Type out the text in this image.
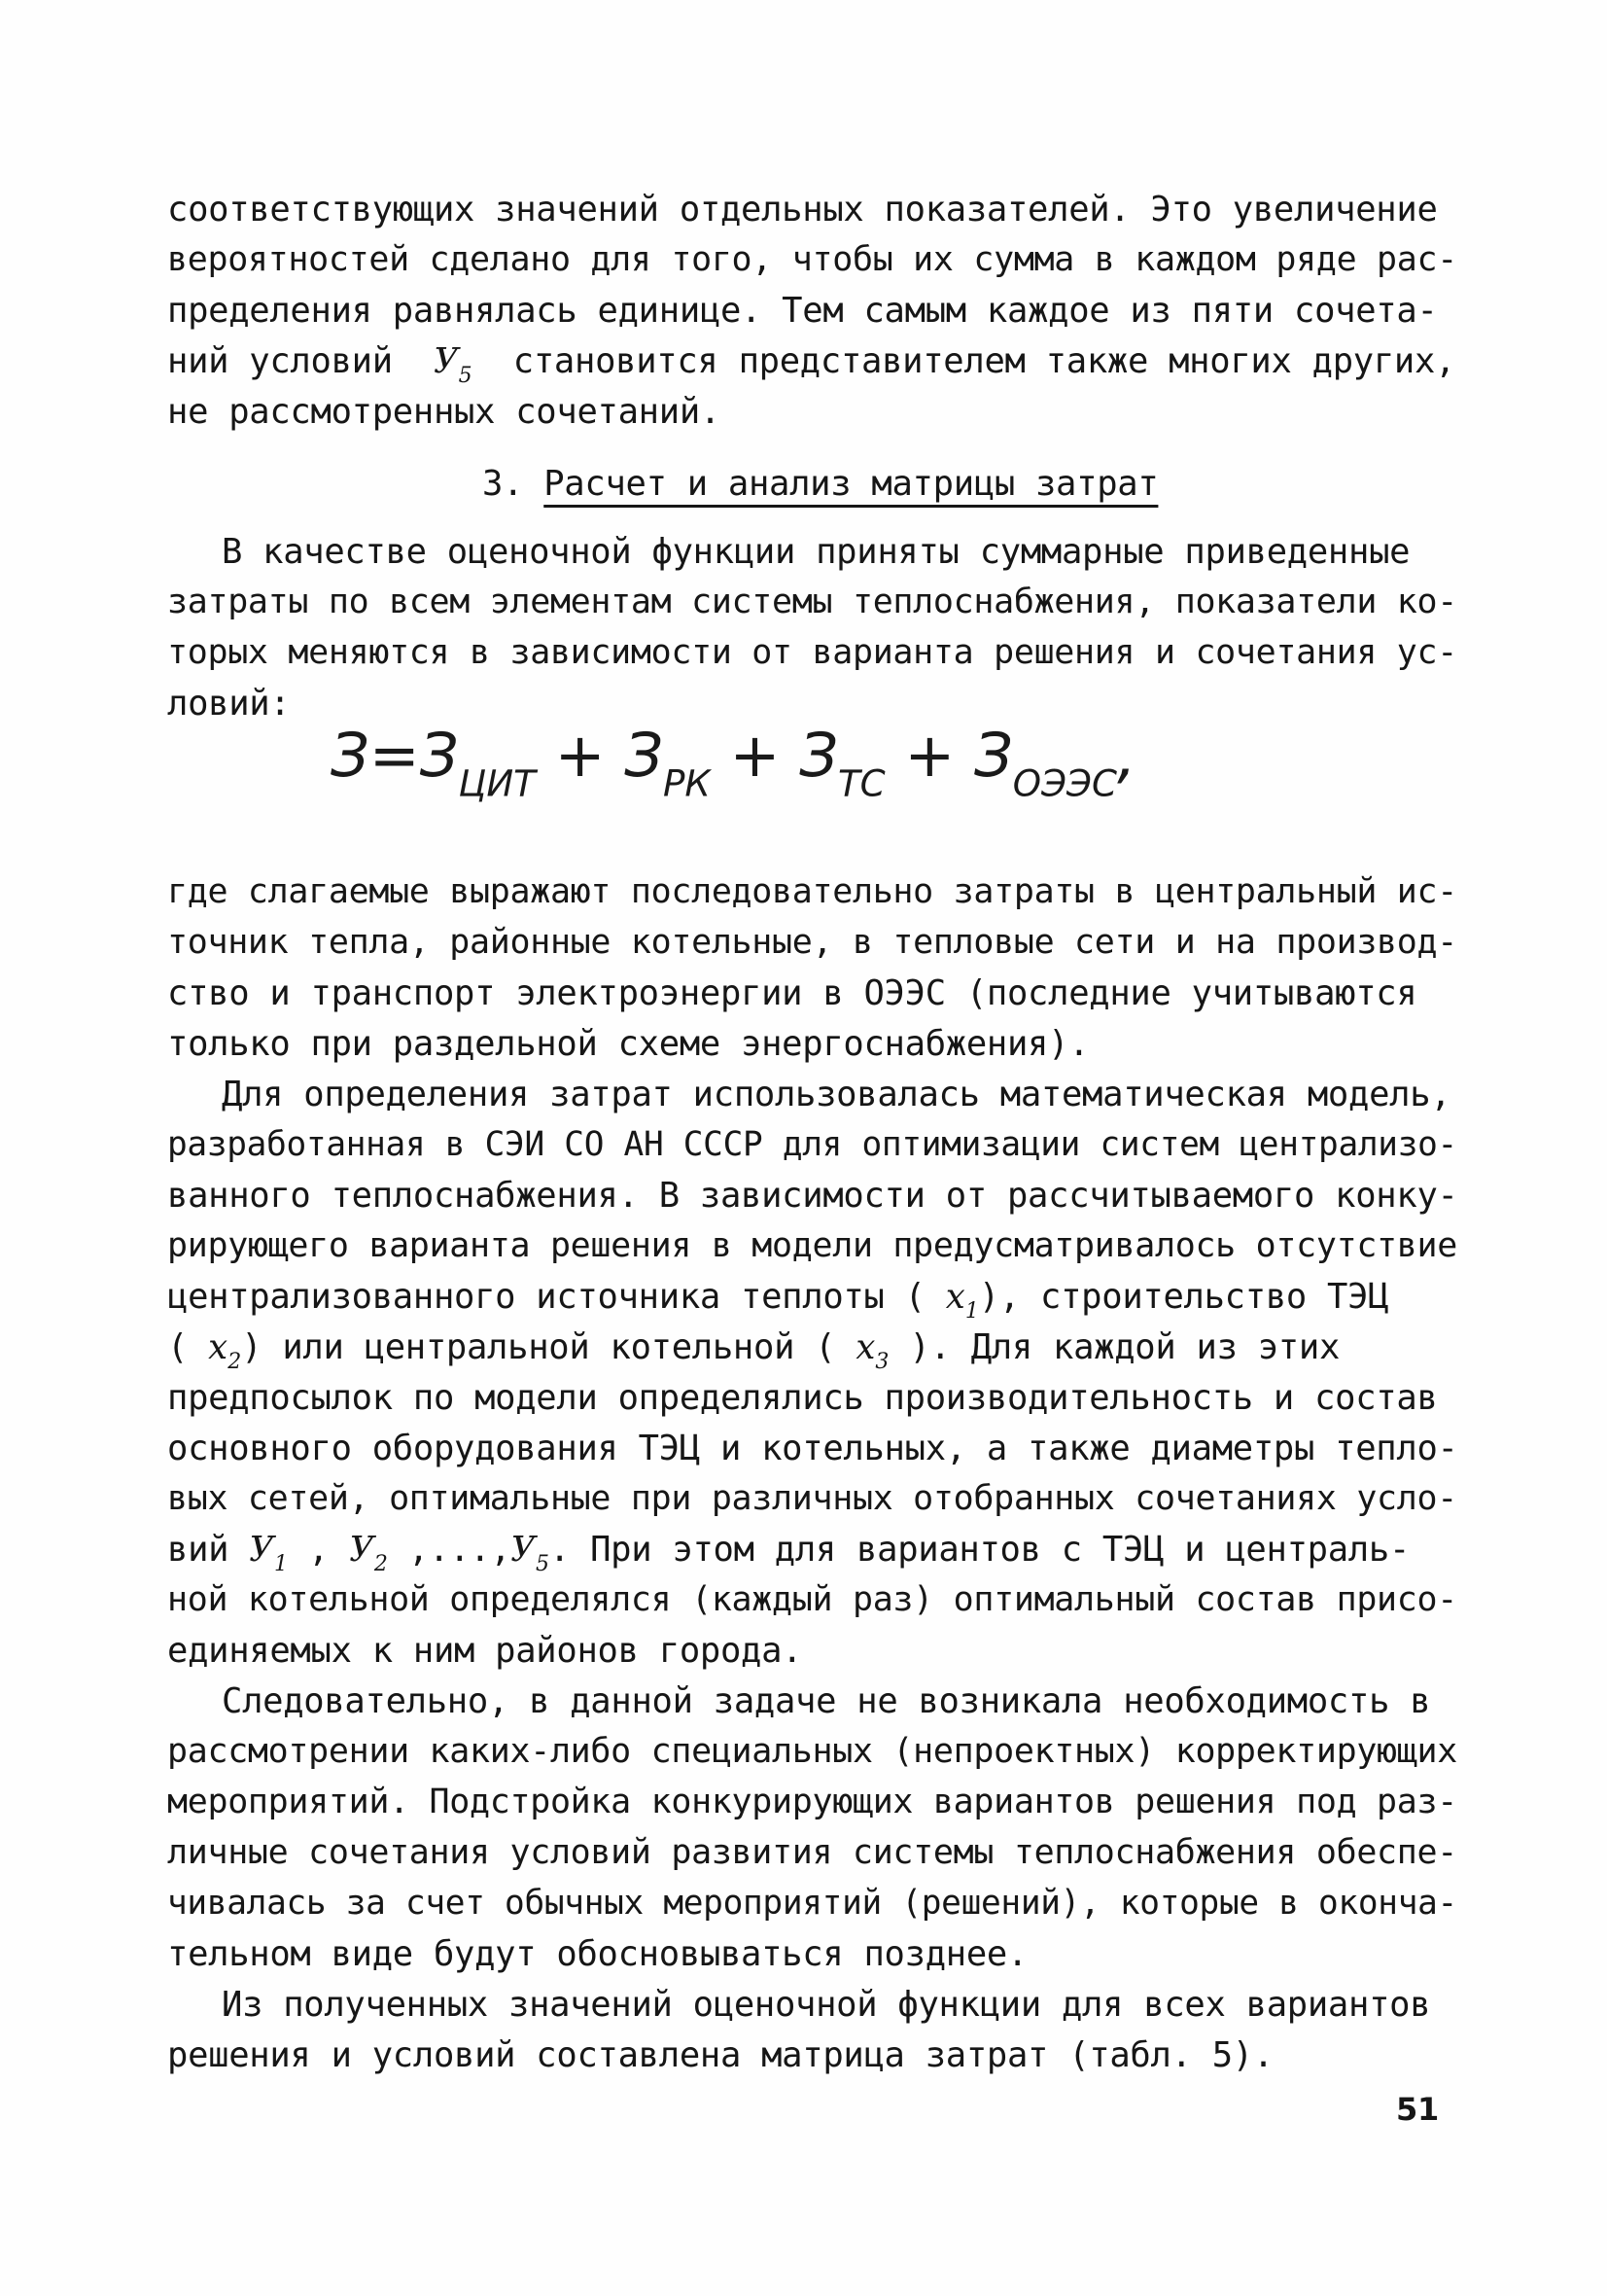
соответствующих значений отдельных показателей. Это увеличение
вероятностей сделано для того, чтобы их сумма в каждом ряде рас-
пределения равнялась единице. Тем самым каждое из пяти сочета-
ний условий $У_5$ становится представителем также многих других,
не рассмотренных сочетаний.
3. Расчет и анализ матрицы затрат
В качестве оценочной функции приняты суммарные приведенные
затраты по всем элементам системы теплоснабжения, показатели ко-
торых меняются в зависимости от варианта решения и сочетания ус-
ловий:
$З=З_{ЦИТ} + З_{РК} + З_{ТС} + З_{ОЭЭС}$,
где слагаемые выражают последовательно затраты в центральный ис-
точник тепла, районные котельные, в тепловые сети и на производ-
ство и транспорт электроэнергии в ОЭЭС (последние учитываются
только при раздельной схеме энергоснабжения).
Для определения затрат использовалась математическая модель,
разработанная в СЭИ СО АН СССР для оптимизации систем централизо-
ванного теплоснабжения. В зависимости от рассчитываемого конку-
рирующего варианта решения в модели предусматривалось отсутствие
централизованного источника теплоты ( $x_1$), строительство ТЭЦ
( $x_2$) или центральной котельной ( $x_3$ ). Для каждой из этих
предпосылок по модели определялись производительность и состав
основного оборудования ТЭЦ и котельных, а также диаметры тепло-
вых сетей, оптимальные при различных отобранных сочетаниях усло-
вий $У_1$ , $У_2$ $,...,У_5$. При этом для вариантов с ТЭЦ и централь-
ной котельной определялся (каждый раз) оптимальный состав присо-
единяемых к ним районов города.
Следовательно, в данной задаче не возникала необходимость в
рассмотрении каких-либо специальных (непроектных) корректирующих
мероприятий. Подстройка конкурирующих вариантов решения под раз-
личные сочетания условий развития системы теплоснабжения обеспе-
чивалась за счет обычных мероприятий (решений), которые в оконча-
тельном виде будут обосновываться позднее.
Из полученных значений оценочной функции для всех вариантов
решения и условий составлена матрица затрат (табл. 5).
51
